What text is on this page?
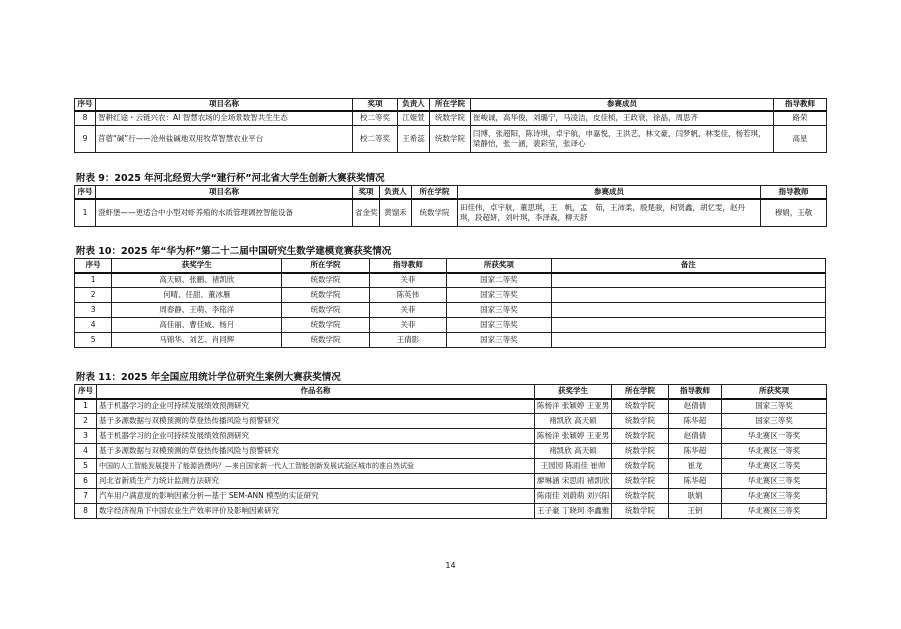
序号	项目名称	奖项	负责人	所在学院	参赛成员	指导教师
8	智耕红途・云链兴农：AI 智慧农场的全场景数智共生生态	校二等奖	江姬萱	统数学院	崔峻诚，高华俊，刘璐宁，马凌洁，皮佳桢，王政衰，徐晶，周思齐	路荣
9	苜蓿“碱”行——沧州盐碱地双用牧草智慧农业平台	校二等奖	王希蕊	统数学院	闫博，张超阳，陈诗琪，卓宇航，申嘉悦，王洪艺，林文豪，闫梦帆，林雯佳，杨若琪，梁静怡，张一涵，裴彩莹，张译心	高星
附表 9：2025 年河北经贸大学“建行杯”河北省大学生创新大赛获奖情况
序号	项目名称	奖项	负责人	所在学院	参赛成员	指导教师
1	澄虾堡——更适合中小型对虾养殖的水质管理调控智能设备	省金奖	黄馏禾	统数学院	田佳伟，卓宇航，董思琪，王　帆，孟　茹，王沛柔，殷楚骏，柯贤鑫，胡忆雯，赵丹琪，段超妍，刘叶琪，李泽森，柳天舒	穆娟，王敬
附表 10：2025 年“华为杯”第二十二届中国研究生数学建模竞赛获奖情况
序号	获奖学生	所在学院	指导教师	所获奖项	备注
1	高天硕、张鹏、褚凯欣	统数学院	关菲	国家二等奖	
2	何晴、任甜、董冰雁	统数学院	陈英伟	国家三等奖	
3	周春静、王萌、李铭洋	统数学院	关菲	国家三等奖	
4	高佳丽、曹佳威、杨月	统数学院	关菲	国家三等奖	
5	马锦华、刘艺、肖同辉	统数学院	王倩影	国家三等奖	
附表 11：2025 年全国应用统计学位研究生案例大赛获奖情况
序号	作品名称	获奖学生	所在学院	指导教师	所获奖项
1	基于机器学习的企业可持续发展绩效预测研究	陈杨洋 张颖婷 王亚男	统数学院	赵倩倩	国家三等奖
2	基于多源数据与双模预测的草登热传播风险与预警研究	褚凯欣 高天硕	统数学院	陈华超	国家三等奖
3	基于机器学习的企业可持续发展绩效预测研究	陈杨洋 张颖婷 王亚男	统数学院	赵倩倩	华北赛区一等奖
4	基于多源数据与双模预测的草登热传播风险与预警研究	褚凯欣 高天硕	统数学院	陈华超	华北赛区一等奖
5	中国的人工智能发展提升了能源消费吗？—来自国家新一代人工智能创新发展试验区城市的准自然试验	王园园 陈雨佳 崔帅	统数学院	崔龙	华北赛区二等奖
6	河北省新质生产力统计监测方法研究	廖琳涵 宋思雨 褚凯欣	统数学院	陈华超	华北赛区三等奖
7	汽车用户满意度的影响因素分析—基于 SEM-ANN 模型的实证研究	陈雨佳 刘蔚萌 刘兴阳	统数学院	耿娟	华北赛区三等奖
8	数字经济视角下中国农业生产效率评价及影响因素研究	王子豪 丁晓珂 李鑫雅	统数学院	王钥	华北赛区三等奖
14
